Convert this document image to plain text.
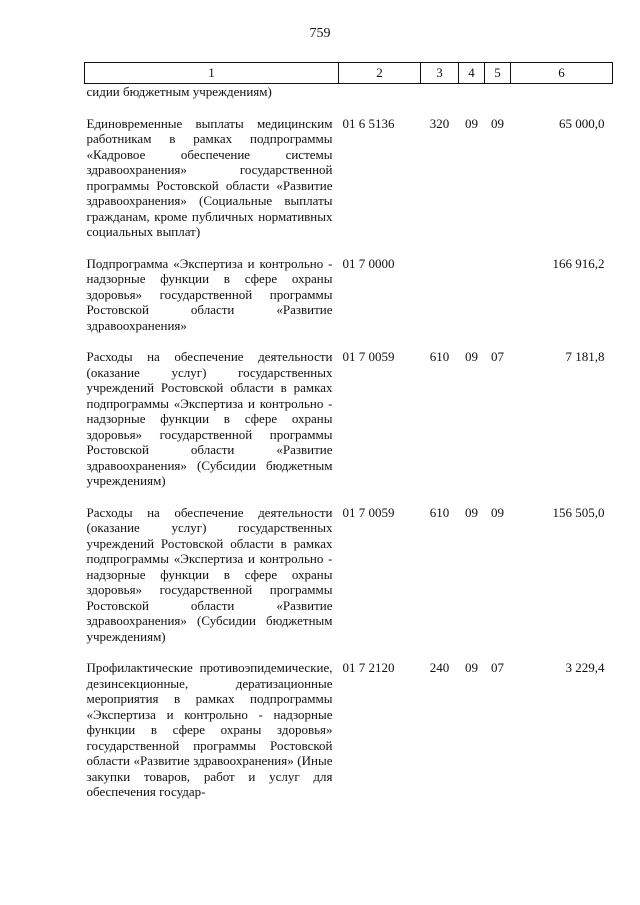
759
1	2	3	4	5	6
сидии бюджетным учреждениям)					
Единовременные выплаты медицинским работникам в рамках подпрограммы «Кадровое обеспечение системы здравоохранения» государственной программы Ростовской области «Развитие здравоохранения» (Социальные выплаты гражданам, кроме публичных нормативных социальных выплат)	01 6 5136	320	09	09	65 000,0
Подпрограмма «Экспертиза и контрольно - надзорные функции в сфере охраны здоровья» государственной программы Ростовской области «Развитие здравоохранения»	01 7 0000				166 916,2
Расходы на обеспечение деятельности (оказание услуг) государственных учреждений Ростовской области в рамках подпрограммы «Экспертиза и контрольно - надзорные функции в сфере охраны здоровья» государственной программы Ростовской области «Развитие здравоохранения» (Субсидии бюджетным учреждениям)	01 7 0059	610	09	07	7 181,8
Расходы на обеспечение деятельности (оказание услуг) государственных учреждений Ростовской области в рамках подпрограммы «Экспертиза и контрольно - надзорные функции в сфере охраны здоровья» государственной программы Ростовской области «Развитие здравоохранения» (Субсидии бюджетным учреждениям)	01 7 0059	610	09	09	156 505,0
Профилактические противоэпидемические, дезинсекционные, дератизационные мероприятия в рамках подпрограммы «Экспертиза и контрольно - надзорные функции в сфере охраны здоровья» государственной программы Ростовской области «Развитие здравоохранения» (Иные закупки товаров, работ и услуг для обеспечения государ-	01 7 2120	240	09	07	3 229,4
